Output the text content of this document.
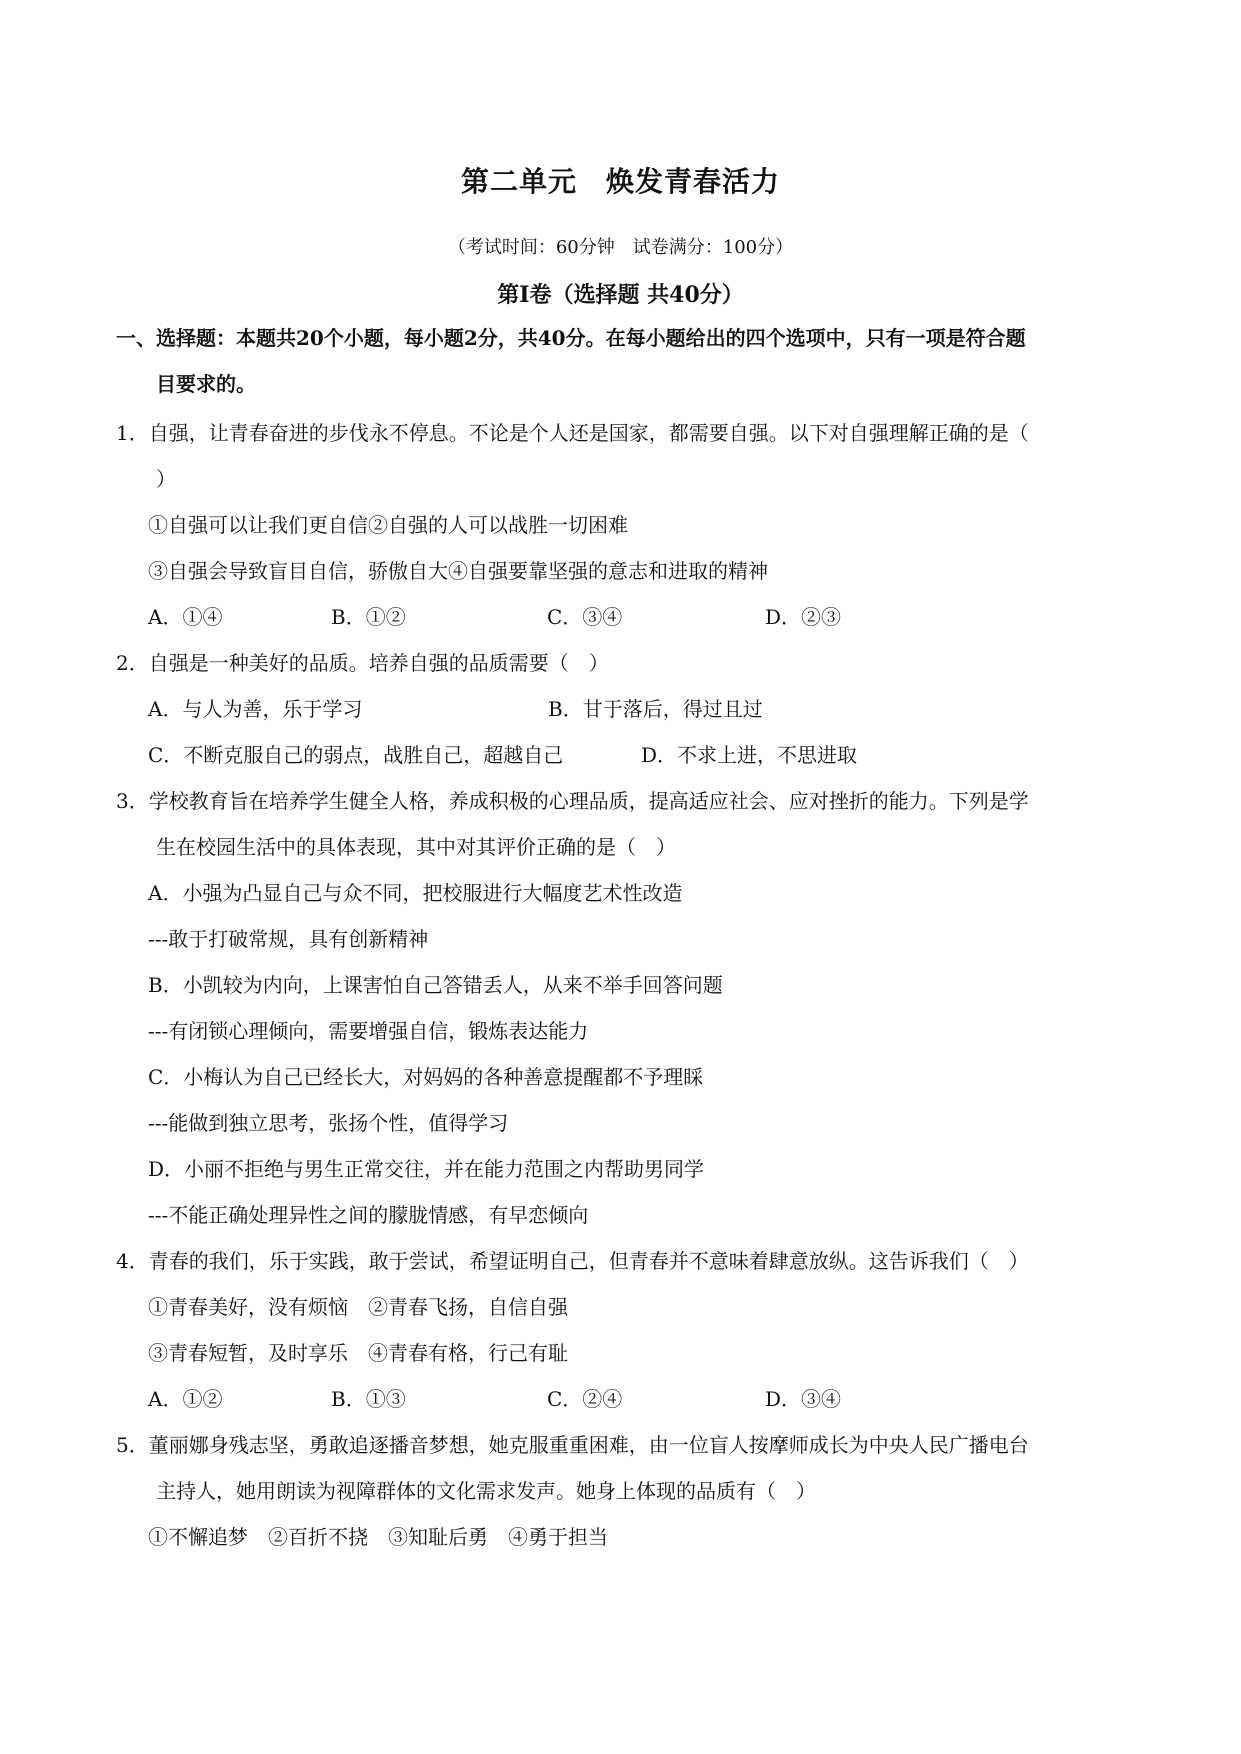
第二单元　焕发青春活力
（考试时间：60分钟　试卷满分：100分）
第Ⅰ卷（选择题 共40分）
一、选择题：本题共20个小题，每小题2分，共40分。在每小题给出的四个选项中，只有一项是符合题
目要求的。
1．自强，让青春奋进的步伐永不停息。不论是个人还是国家，都需要自强。以下对自强理解正确的是（
）
①自强可以让我们更自信②自强的人可以战胜一切困难
③自强会导致盲目自信，骄傲自大④自强要靠坚强的意志和进取的精神
A．①④	B．①②	C．③④	D．②③
2．自强是一种美好的品质。培养自强的品质需要（　）
A．与人为善，乐于学习	B．甘于落后，得过且过
C．不断克服自己的弱点，战胜自己，超越自己	D．不求上进，不思进取
3．学校教育旨在培养学生健全人格，养成积极的心理品质，提高适应社会、应对挫折的能力。下列是学
生在校园生活中的具体表现，其中对其评价正确的是（　）
A．小强为凸显自己与众不同，把校服进行大幅度艺术性改造
---敢于打破常规，具有创新精神
B．小凯较为内向，上课害怕自己答错丢人，从来不举手回答问题
---有闭锁心理倾向，需要增强自信，锻炼表达能力
C．小梅认为自己已经长大，对妈妈的各种善意提醒都不予理睬
---能做到独立思考，张扬个性，值得学习
D．小丽不拒绝与男生正常交往，并在能力范围之内帮助男同学
---不能正确处理异性之间的朦胧情感，有早恋倾向
4．青春的我们，乐于实践，敢于尝试，希望证明自己，但青春并不意味着肆意放纵。这告诉我们（　）
①青春美好，没有烦恼　②青春飞扬，自信自强
③青春短暂，及时享乐　④青春有格，行己有耻
A．①②	B．①③	C．②④	D．③④
5．董丽娜身残志坚，勇敢追逐播音梦想，她克服重重困难，由一位盲人按摩师成长为中央人民广播电台
主持人，她用朗读为视障群体的文化需求发声。她身上体现的品质有（　）
①不懈追梦　②百折不挠　③知耻后勇　④勇于担当
